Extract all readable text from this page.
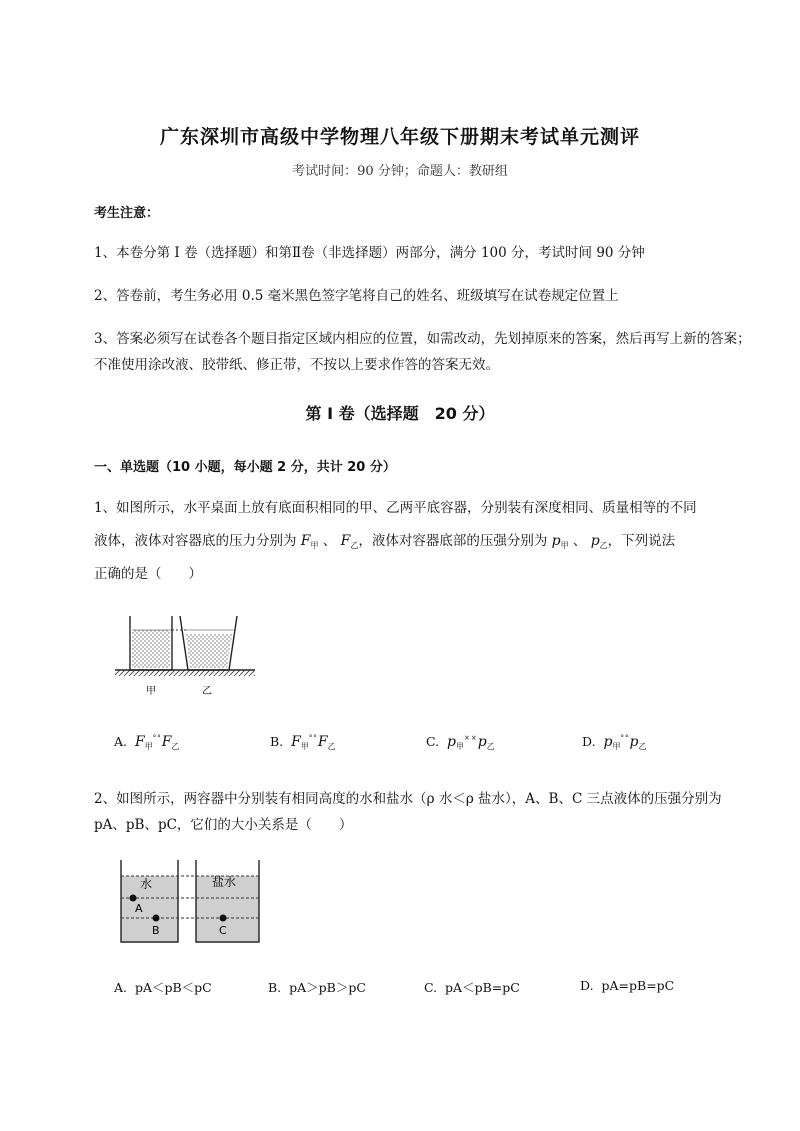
广东深圳市高级中学物理八年级下册期末考试单元测评
考试时间：90 分钟；命题人：教研组
考生注意：
1、本卷分第 I 卷（选择题）和第Ⅱ卷（非选择题）两部分，满分 100 分，考试时间 90 分钟
2、答卷前，考生务必用 0.5 毫米黑色签字笔将自己的姓名、班级填写在试卷规定位置上
3、答案必须写在试卷各个题目指定区域内相应的位置，如需改动，先划掉原来的答案，然后再写上新的答案；不准使用涂改液、胶带纸、修正带，不按以上要求作答的答案无效。
第 I 卷（选择题　20 分）
一、单选题（10 小题，每小题 2 分，共计 20 分）
1、如图所示，水平桌面上放有底面积相同的甲、乙两平底容器，分别装有深度相同、质量相等的不同
液体，液体对容器底的压力分别为 $F_甲$ 、 $F_乙$，液体对容器底部的压强分别为 $p_甲$ 、 $p_乙$，下列说法
正确的是（　　）
甲	乙
A. $F_甲^{^\circ^\circ}F_乙$	B. $F_甲^{^\circ^\circ}F_乙$	C. $p_甲^{\times\times}p_乙$	D. $p_甲^{^\circ^\circ}p_乙$
2、如图所示，两容器中分别装有相同高度的水和盐水（ρ 水＜ρ 盐水），A、B、C 三点液体的压强分别为
pA、pB、pC，它们的大小关系是（　　）
水	盐水
A
B	C
A. pA＜pB＜pC	B. pA＞pB＞pC	C. pA＜pB=pC	D. pA=pB=pC
